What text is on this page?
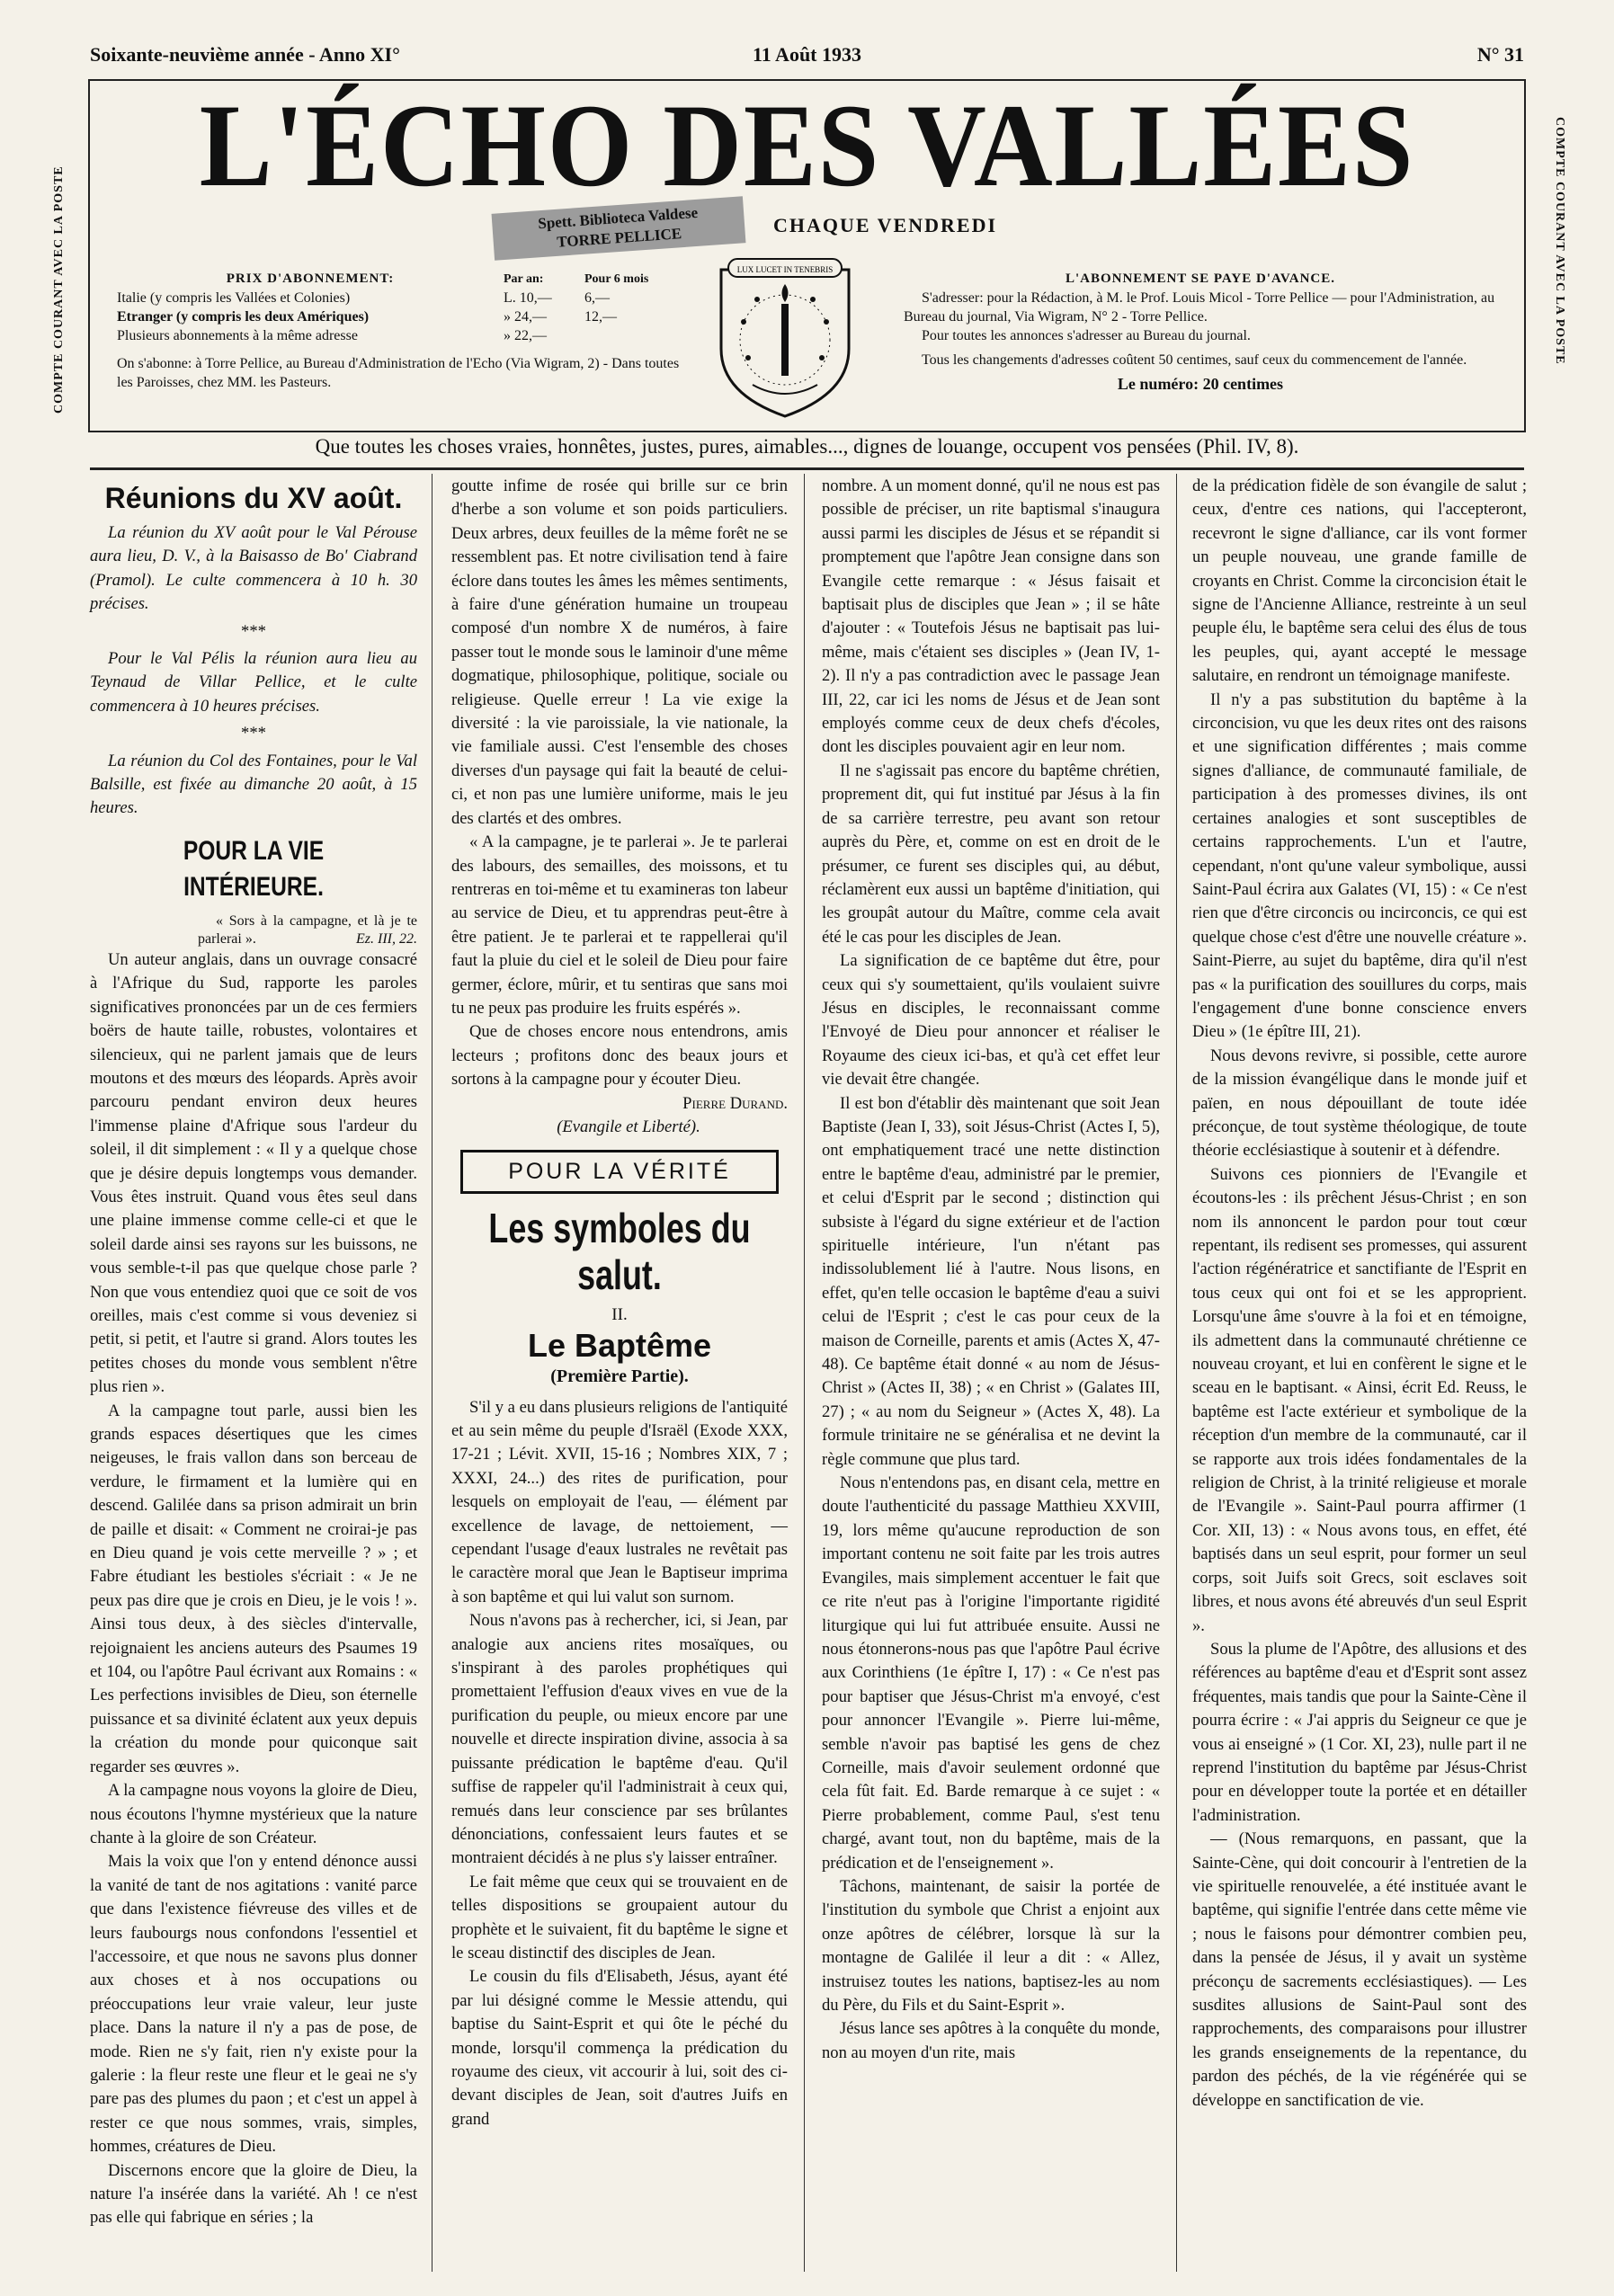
Soixante-neuvième année - Anno XI°	11 Août 1933	N° 31
COMPTE COURANT AVEC LA POSTE	COMPTE COURANT AVEC LA POSTE
L'ÉCHO DES VALLÉES
Spett. Biblioteca Valdese
TORRE PELLICE	CHAQUE VENDREDI
PRIX D'ABONNEMENT:	Par an:	Pour 6 mois
Italie (y compris les Vallées et Colonies)	L. 10,—	6,—
Etranger (y compris les deux Amériques)	» 24,—	12,—
Plusieurs abonnements à la même adresse	» 22,—	
On s'abonne: à Torre Pellice, au Bureau d'Administration de l'Echo (Via Wigram, 2) - Dans toutes les Paroisses, chez MM. les Pasteurs.
LUX LUCET IN TENEBRIS
L'ABONNEMENT SE PAYE D'AVANCE.

S'adresser: pour la Rédaction, à M. le Prof. Louis Micol - Torre Pellice — pour l'Administration, au Bureau du journal, Via Wigram, N° 2 - Torre Pellice.

Pour toutes les annonces s'adresser au Bureau du journal.

Tous les changements d'adresses coûtent 50 centimes, sauf ceux du commencement de l'année.

Le numéro: 20 centimes
Que toutes les choses vraies, honnêtes, justes, pures, aimables..., dignes de louange, occupent vos pensées (Phil. IV, 8).
Réunions du XV août.

La réunion du XV août pour le Val Pérouse aura lieu, D. V., à la Baisasso de Bo' Ciabrand (Pramol). Le culte commencera à 10 h. 30 précises.

***

Pour le Val Pélis la réunion aura lieu au Teynaud de Villar Pellice, et le culte commencera à 10 heures précises.

***

La réunion du Col des Fontaines, pour le Val Balsille, est fixée au dimanche 20 août, à 15 heures.

POUR LA VIE INTÉRIEURE.

« Sors à la campagne, et là je te parlerai ».	Ez. III, 22.

Un auteur anglais, dans un ouvrage consacré à l'Afrique du Sud, rapporte les paroles significatives prononcées par un de ces fermiers boërs de haute taille, robustes, volontaires et silencieux, qui ne parlent jamais que de leurs moutons et des mœurs des léopards. Après avoir parcouru pendant environ deux heures l'immense plaine d'Afrique sous l'ardeur du soleil, il dit simplement : « Il y a quelque chose que je désire depuis longtemps vous demander. Vous êtes instruit. Quand vous êtes seul dans une plaine immense comme celle-ci et que le soleil darde ainsi ses rayons sur les buissons, ne vous semble-t-il pas que quelque chose parle ? Non que vous entendiez quoi que ce soit de vos oreilles, mais c'est comme si vous deveniez si petit, si petit, et l'autre si grand. Alors toutes les petites choses du monde vous semblent n'être plus rien ».

A la campagne tout parle, aussi bien les grands espaces désertiques que les cimes neigeuses, le frais vallon dans son berceau de verdure, le firmament et la lumière qui en descend. Galilée dans sa prison admirait un brin de paille et disait: « Comment ne croirai-je pas en Dieu quand je vois cette merveille ? » ; et Fabre étudiant les bestioles s'écriait : « Je ne peux pas dire que je crois en Dieu, je le vois ! ». Ainsi tous deux, à des siècles d'intervalle, rejoignaient les anciens auteurs des Psaumes 19 et 104, ou l'apôtre Paul écrivant aux Romains : « Les perfections invisibles de Dieu, son éternelle puissance et sa divinité éclatent aux yeux depuis la création du monde pour quiconque sait regarder ses œuvres ».

A la campagne nous voyons la gloire de Dieu, nous écoutons l'hymne mystérieux que la nature chante à la gloire de son Créateur.

Mais la voix que l'on y entend dénonce aussi la vanité de tant de nos agitations : vanité parce que dans l'existence fiévreuse des villes et de leurs faubourgs nous confondons l'essentiel et l'accessoire, et que nous ne savons plus donner aux choses et à nos occupations ou préoccupations leur vraie valeur, leur juste place. Dans la nature il n'y a pas de pose, de mode. Rien ne s'y fait, rien n'y existe pour la galerie : la fleur reste une fleur et le geai ne s'y pare pas des plumes du paon ; et c'est un appel à rester ce que nous sommes, vrais, simples, hommes, créatures de Dieu.

Discernons encore que la gloire de Dieu, la nature l'a insérée dans la variété. Ah ! ce n'est pas elle qui fabrique en séries ; la

goutte infime de rosée qui brille sur ce brin d'herbe a son volume et son poids particuliers. Deux arbres, deux feuilles de la même forêt ne se ressemblent pas. Et notre civilisation tend à faire éclore dans toutes les âmes les mêmes sentiments, à faire d'une génération humaine un troupeau composé d'un nombre X de numéros, à faire passer tout le monde sous le laminoir d'une même dogmatique, philosophique, politique, sociale ou religieuse. Quelle erreur ! La vie exige la diversité : la vie paroissiale, la vie nationale, la vie familiale aussi. C'est l'ensemble des choses diverses d'un paysage qui fait la beauté de celui-ci, et non pas une lumière uniforme, mais le jeu des clartés et des ombres.

« A la campagne, je te parlerai ». Je te parlerai des labours, des semailles, des moissons, et tu rentreras en toi-même et tu examineras ton labeur au service de Dieu, et tu apprendras peut-être à être patient. Je te parlerai et te rappellerai qu'il faut la pluie du ciel et le soleil de Dieu pour faire germer, éclore, mûrir, et tu sentiras que sans moi tu ne peux pas produire les fruits espérés ».

Que de choses encore nous entendrons, amis lecteurs ; profitons donc des beaux jours et sortons à la campagne pour y écouter Dieu.

Pierre Durand.

(Evangile et Liberté).

POUR LA VÉRITÉ
Les symboles du salut.
II.
Le Baptême
(Première Partie).

S'il y a eu dans plusieurs religions de l'antiquité et au sein même du peuple d'Israël (Exode XXX, 17-21 ; Lévit. XVII, 15-16 ; Nombres XIX, 7 ; XXXI, 24...) des rites de purification, pour lesquels on employait de l'eau, — élément par excellence de lavage, de nettoiement, — cependant l'usage d'eaux lustrales ne revêtait pas le caractère moral que Jean le Baptiseur imprima à son baptême et qui lui valut son surnom.

Nous n'avons pas à rechercher, ici, si Jean, par analogie aux anciens rites mosaïques, ou s'inspirant à des paroles prophétiques qui promettaient l'effusion d'eaux vives en vue de la purification du peuple, ou mieux encore par une nouvelle et directe inspiration divine, associa à sa puissante prédication le baptême d'eau. Qu'il suffise de rappeler qu'il l'administrait à ceux qui, remués dans leur conscience par ses brûlantes dénonciations, confessaient leurs fautes et se montraient décidés à ne plus s'y laisser entraîner.

Le fait même que ceux qui se trouvaient en de telles dispositions se groupaient autour du prophète et le suivaient, fit du baptême le signe et le sceau distinctif des disciples de Jean.

Le cousin du fils d'Elisabeth, Jésus, ayant été par lui désigné comme le Messie attendu, qui baptise du Saint-Esprit et qui ôte le péché du monde, lorsqu'il commença la prédication du royaume des cieux, vit accourir à lui, soit des ci-devant disciples de Jean, soit d'autres Juifs en grand

nombre. A un moment donné, qu'il ne nous est pas possible de préciser, un rite baptismal s'inaugura aussi parmi les disciples de Jésus et se répandit si promptement que l'apôtre Jean consigne dans son Evangile cette remarque : « Jésus faisait et baptisait plus de disciples que Jean » ; il se hâte d'ajouter : « Toutefois Jésus ne baptisait pas lui-même, mais c'étaient ses disciples » (Jean IV, 1-2). Il n'y a pas contradiction avec le passage Jean III, 22, car ici les noms de Jésus et de Jean sont employés comme ceux de deux chefs d'écoles, dont les disciples pouvaient agir en leur nom.

Il ne s'agissait pas encore du baptême chrétien, proprement dit, qui fut institué par Jésus à la fin de sa carrière terrestre, peu avant son retour auprès du Père, et, comme on est en droit de le présumer, ce furent ses disciples qui, au début, réclamèrent eux aussi un baptême d'initiation, qui les groupât autour du Maître, comme cela avait été le cas pour les disciples de Jean.

La signification de ce baptême dut être, pour ceux qui s'y soumettaient, qu'ils voulaient suivre Jésus en disciples, le reconnaissant comme l'Envoyé de Dieu pour annoncer et réaliser le Royaume des cieux ici-bas, et qu'à cet effet leur vie devait être changée.

Il est bon d'établir dès maintenant que soit Jean Baptiste (Jean I, 33), soit Jésus-Christ (Actes I, 5), ont emphatiquement tracé une nette distinction entre le baptême d'eau, administré par le premier, et celui d'Esprit par le second ; distinction qui subsiste à l'égard du signe extérieur et de l'action spirituelle intérieure, l'un n'étant pas indissolublement lié à l'autre. Nous lisons, en effet, qu'en telle occasion le baptême d'eau a suivi celui de l'Esprit ; c'est le cas pour ceux de la maison de Corneille, parents et amis (Actes X, 47-48). Ce baptême était donné « au nom de Jésus-Christ » (Actes II, 38) ; « en Christ » (Galates III, 27) ; « au nom du Seigneur » (Actes X, 48). La formule trinitaire ne se généralisa et ne devint la règle commune que plus tard.

Nous n'entendons pas, en disant cela, mettre en doute l'authenticité du passage Matthieu XXVIII, 19, lors même qu'aucune reproduction de son important contenu ne soit faite par les trois autres Evangiles, mais simplement accentuer le fait que ce rite n'eut pas à l'origine l'importante rigidité liturgique qui lui fut attribuée ensuite. Aussi ne nous étonnerons-nous pas que l'apôtre Paul écrive aux Corinthiens (1e épître I, 17) : « Ce n'est pas pour baptiser que Jésus-Christ m'a envoyé, c'est pour annoncer l'Evangile ». Pierre lui-même, semble n'avoir pas baptisé les gens de chez Corneille, mais d'avoir seulement ordonné que cela fût fait. Ed. Barde remarque à ce sujet : « Pierre probablement, comme Paul, s'est tenu chargé, avant tout, non du baptême, mais de la prédication et de l'enseignement ».

Tâchons, maintenant, de saisir la portée de l'institution du symbole que Christ a enjoint aux onze apôtres de célébrer, lorsque là sur la montagne de Galilée il leur a dit : « Allez, instruisez toutes les nations, baptisez-les au nom du Père, du Fils et du Saint-Esprit ».

Jésus lance ses apôtres à la conquête du monde, non au moyen d'un rite, mais

de la prédication fidèle de son évangile de salut ; ceux, d'entre ces nations, qui l'accepteront, recevront le signe d'alliance, car ils vont former un peuple nouveau, une grande famille de croyants en Christ. Comme la circoncision était le signe de l'Ancienne Alliance, restreinte à un seul peuple élu, le baptême sera celui des élus de tous les peuples, qui, ayant accepté le message salutaire, en rendront un témoignage manifeste.

Il n'y a pas substitution du baptême à la circoncision, vu que les deux rites ont des raisons et une signification différentes ; mais comme signes d'alliance, de communauté familiale, de participation à des promesses divines, ils ont certaines analogies et sont susceptibles de certains rapprochements. L'un et l'autre, cependant, n'ont qu'une valeur symbolique, aussi Saint-Paul écrira aux Galates (VI, 15) : « Ce n'est rien que d'être circoncis ou incirconcis, ce qui est quelque chose c'est d'être une nouvelle créature ». Saint-Pierre, au sujet du baptême, dira qu'il n'est pas « la purification des souillures du corps, mais l'engagement d'une bonne conscience envers Dieu » (1e épître III, 21).

Nous devons revivre, si possible, cette aurore de la mission évangélique dans le monde juif et païen, en nous dépouillant de toute idée préconçue, de tout système théologique, de toute théorie ecclésiastique à soutenir et à défendre.

Suivons ces pionniers de l'Evangile et écoutons-les : ils prêchent Jésus-Christ ; en son nom ils annoncent le pardon pour tout cœur repentant, ils redisent ses promesses, qui assurent l'action régénératrice et sanctifiante de l'Esprit en tous ceux qui ont foi et se les approprient. Lorsqu'une âme s'ouvre à la foi et en témoigne, ils admettent dans la communauté chrétienne ce nouveau croyant, et lui en confèrent le signe et le sceau en le baptisant. « Ainsi, écrit Ed. Reuss, le baptême est l'acte extérieur et symbolique de la réception d'un membre de la communauté, car il se rapporte aux trois idées fondamentales de la religion de Christ, à la trinité religieuse et morale de l'Evangile ». Saint-Paul pourra affirmer (1 Cor. XII, 13) : « Nous avons tous, en effet, été baptisés dans un seul esprit, pour former un seul corps, soit Juifs soit Grecs, soit esclaves soit libres, et nous avons été abreuvés d'un seul Esprit ».

Sous la plume de l'Apôtre, des allusions et des références au baptême d'eau et d'Esprit sont assez fréquentes, mais tandis que pour la Sainte-Cène il pourra écrire : « J'ai appris du Seigneur ce que je vous ai enseigné » (1 Cor. XI, 23), nulle part il ne reprend l'institution du baptême par Jésus-Christ pour en développer toute la portée et en détailler l'administration.

— (Nous remarquons, en passant, que la Sainte-Cène, qui doit concourir à l'entretien de la vie spirituelle renouvelée, a été instituée avant le baptême, qui signifie l'entrée dans cette même vie ; nous le faisons pour démontrer combien peu, dans la pensée de Jésus, il y avait un système préconçu de sacrements ecclésiastiques). — Les susdites allusions de Saint-Paul sont des rapprochements, des comparaisons pour illustrer les grands enseignements de la repentance, du pardon des péchés, de la vie régénérée qui se développe en sanctification de vie.
